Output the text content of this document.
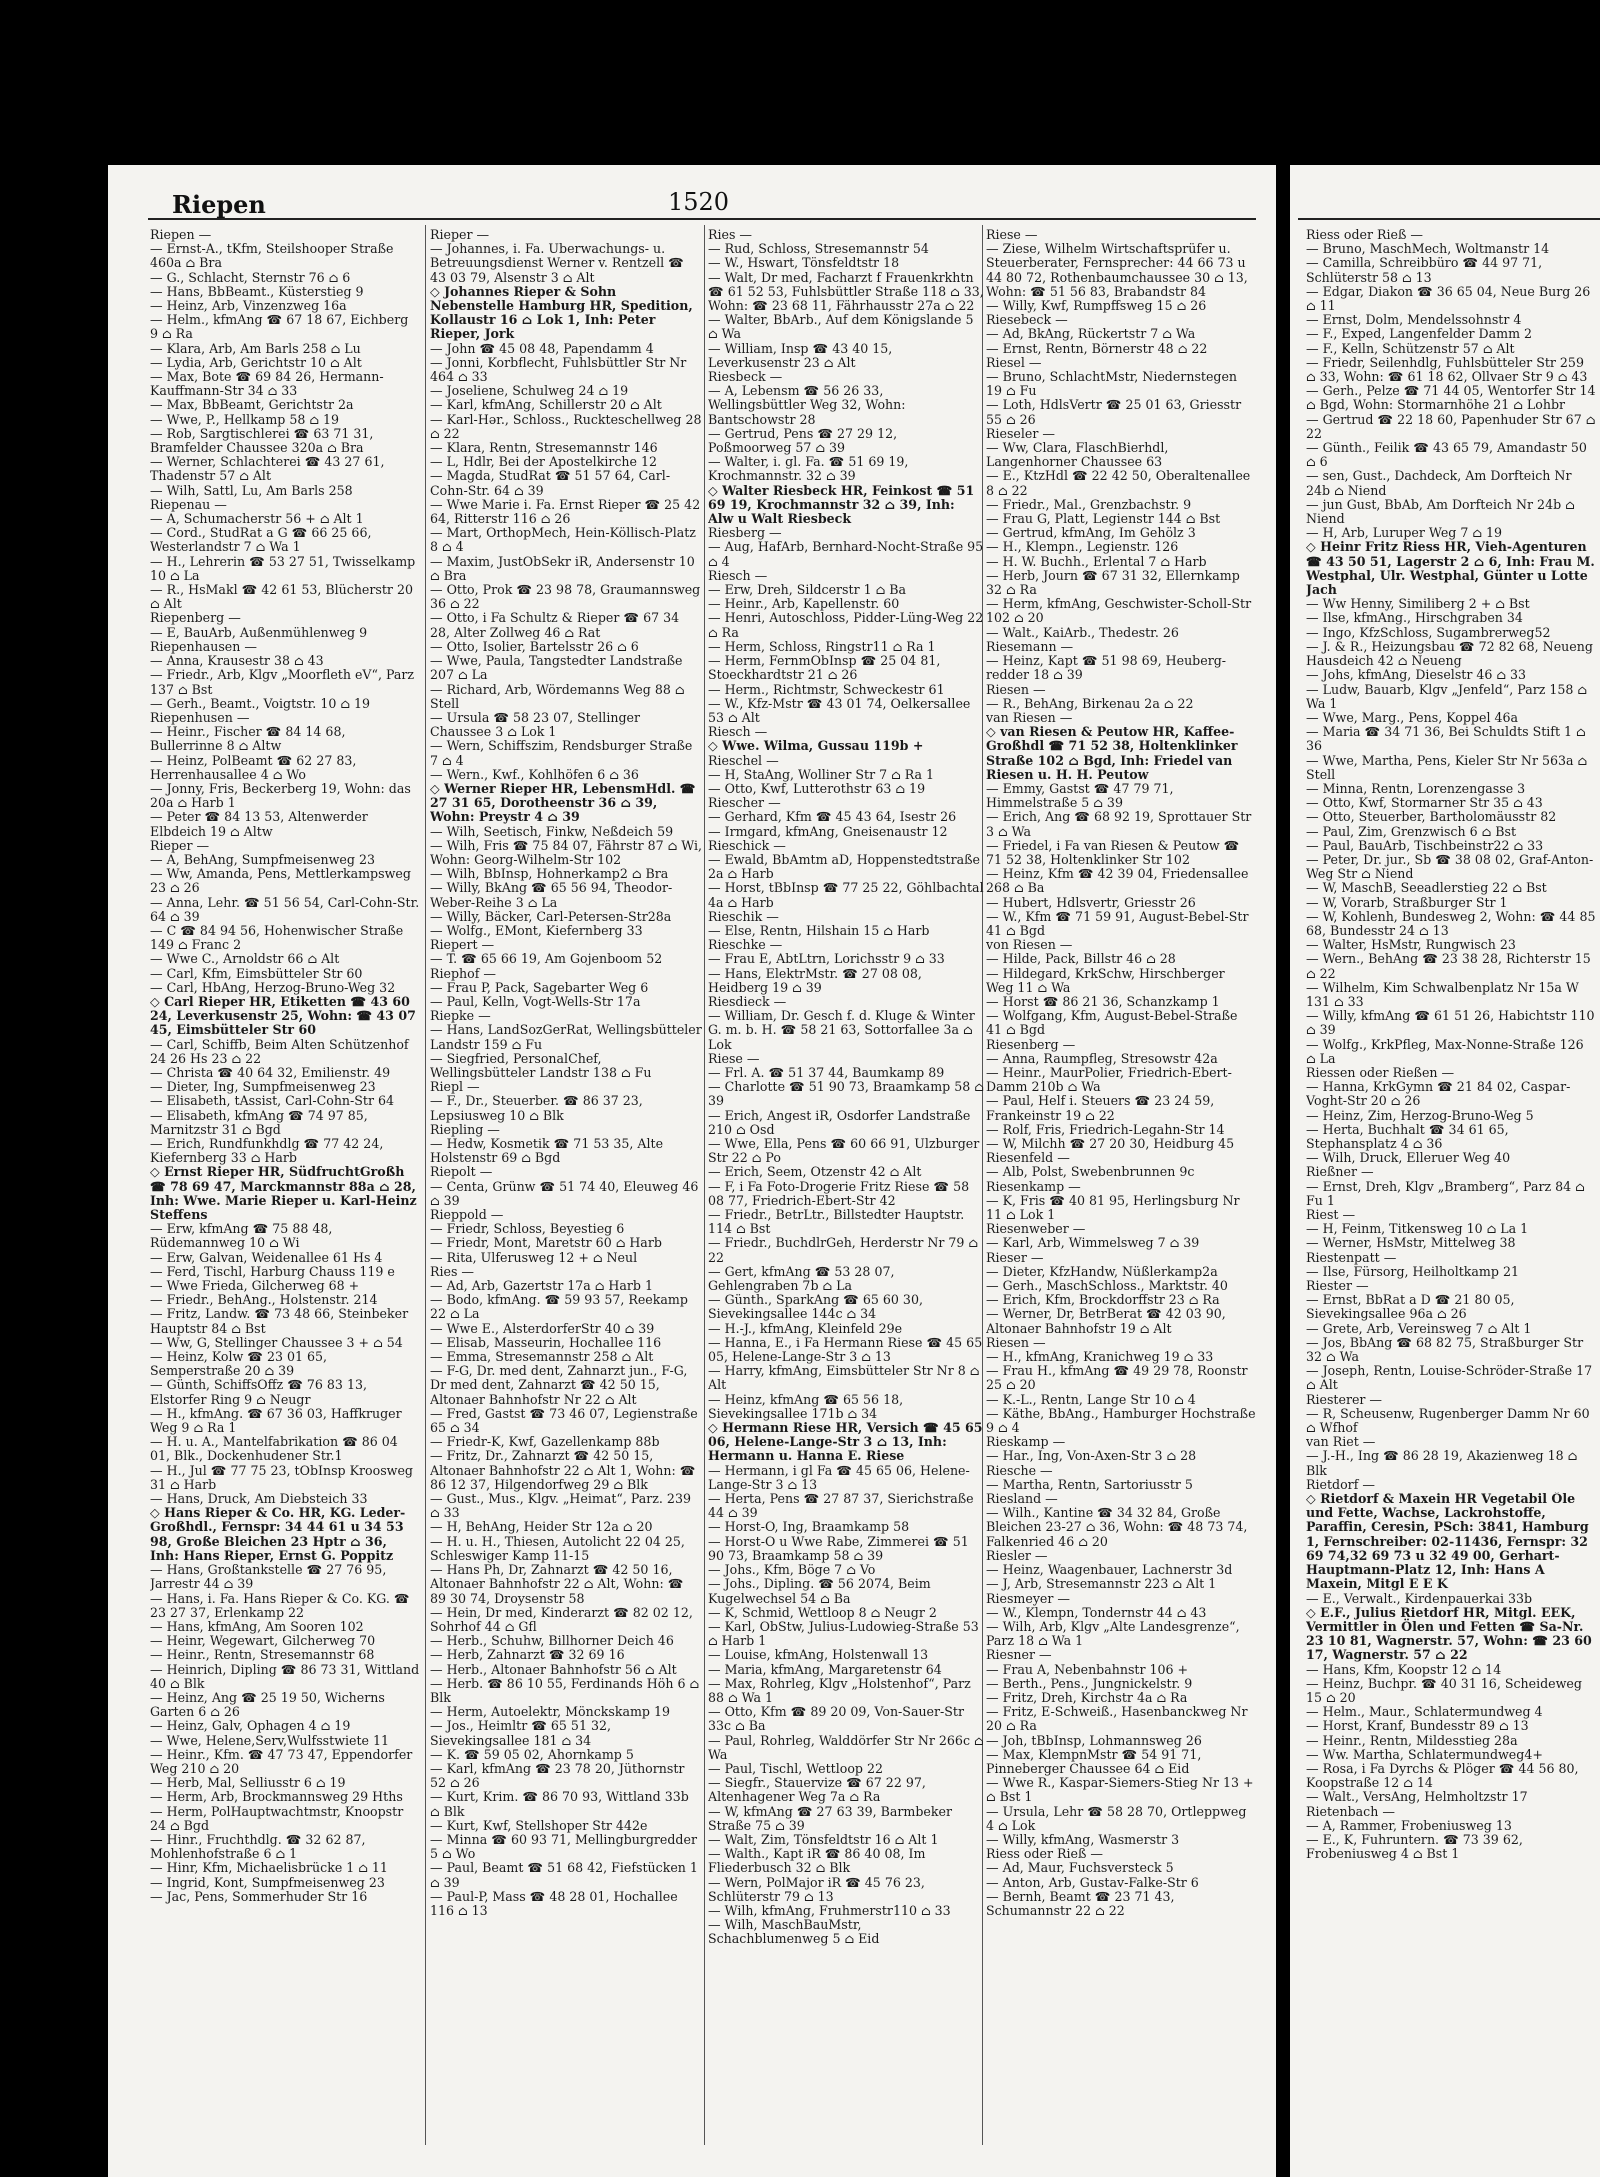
Riepen	1520
Riepen —
— Ernst-A., tKfm, Steilshooper Straße 460a ⌂ Bra
— G., Schlacht, Sternstr 76 ⌂ 6
— Hans, BbBeamt., Küsterstieg 9
— Heinz, Arb, Vinzenzweg 16a
— Helm., kfmAng ☎ 67 18 67, Eichberg 9 ⌂ Ra
— Klara, Arb, Am Barls 258 ⌂ Lu
— Lydia, Arb, Gerichtstr 10 ⌂ Alt
— Max, Bote ☎ 69 84 26, Hermann-Kauffmann-Str 34 ⌂ 33
— Max, BbBeamt, Gerichtstr 2a
— Wwe, P., Hellkamp 58 ⌂ 19
— Rob, Sargtischlerei ☎ 63 71 31, Bramfelder Chaussee 320a ⌂ Bra
— Werner, Schlachterei ☎ 43 27 61, Thadenstr 57 ⌂ Alt
— Wilh, Sattl, Lu, Am Barls 258
Riepenau —
— A, Schumacherstr 56 + ⌂ Alt 1
— Cord., StudRat a G ☎ 66 25 66, Westerlandstr 7 ⌂ Wa 1
— H., Lehrerin ☎ 53 27 51, Twisselkamp 10 ⌂ La
— R., HsMakl ☎ 42 61 53, Blücherstr 20 ⌂ Alt
Riepenberg —
— E, BauArb, Außenmühlenweg 9
Riepenhausen —
— Anna, Krausestr 38 ⌂ 43
— Friedr., Arb, Klgv „Moorfleth eV“, Parz 137 ⌂ Bst
— Gerh., Beamt., Voigtstr. 10 ⌂ 19
Riepenhusen —
— Heinr., Fischer ☎ 84 14 68, Bullerrinne 8 ⌂ Altw
— Heinz, PolBeamt ☎ 62 27 83, Herrenhausallee 4 ⌂ Wo
— Jonny, Fris, Beckerberg 19, Wohn: das 20a ⌂ Harb 1
— Peter ☎ 84 13 53, Altenwerder Elbdeich 19 ⌂ Altw
Rieper —
— A, BehAng, Sumpfmeisenweg 23
— Ww, Amanda, Pens, Mettlerkampsweg 23 ⌂ 26
— Anna, Lehr. ☎ 51 56 54, Carl-Cohn-Str. 64 ⌂ 39
— C ☎ 84 94 56, Hohenwischer Straße 149 ⌂ Franc 2
— Wwe C., Arnoldstr 66 ⌂ Alt
— Carl, Kfm, Eimsbütteler Str 60
— Carl, HbAng, Herzog-Bruno-Weg 32
◇ Carl Rieper HR, Etiketten ☎ 43 60 24, Leverkusenstr 25, Wohn: ☎ 43 07 45, Eimsbütteler Str 60
— Carl, Schiffb, Beim Alten Schützenhof 24 26 Hs 23 ⌂ 22
— Christa ☎ 40 64 32, Emilienstr. 49
— Dieter, Ing, Sumpfmeisenweg 23
— Elisabeth, tAssist, Carl-Cohn-Str 64
— Elisabeth, kfmAng ☎ 74 97 85, Marnitzstr 31 ⌂ Bgd
— Erich, Rundfunkhdlg ☎ 77 42 24, Kiefernberg 33 ⌂ Harb
◇ Ernst Rieper HR, SüdfruchtGroßh ☎ 78 69 47, Marckmannstr 88a ⌂ 28, Inh: Wwe. Marie Rieper u. Karl-Heinz Steffens
— Erw, kfmAng ☎ 75 88 48, Rüdemannweg 10 ⌂ Wi
— Erw, Galvan, Weidenallee 61 Hs 4
— Ferd, Tischl, Harburg Chauss 119 e
— Wwe Frieda, Gilcherweg 68 +
— Friedr., BehAng., Holstenstr. 214
— Fritz, Landw. ☎ 73 48 66, Steinbeker Hauptstr 84 ⌂ Bst
— Ww, G, Stellinger Chaussee 3 + ⌂ 54
— Heinz, Kolw ☎ 23 01 65, Semperstraße 20 ⌂ 39
— Günth, SchiffsOffz ☎ 76 83 13, Elstorfer Ring 9 ⌂ Neugr
— H., kfmAng. ☎ 67 36 03, Haffkruger Weg 9 ⌂ Ra 1
— H. u. A., Mantelfabrikation ☎ 86 04 01, Blk., Dockenhudener Str.1
— H., Jul ☎ 77 75 23, tObInsp Kroosweg 31 ⌂ Harb
— Hans, Druck, Am Diebsteich 33
◇ Hans Rieper & Co. HR, KG. Leder-Großhdl., Fernspr: 34 44 61 u 34 53 98, Große Bleichen 23 Hptr ⌂ 36, Inh: Hans Rieper, Ernst G. Poppitz
— Hans, Großtankstelle ☎ 27 76 95, Jarrestr 44 ⌂ 39
— Hans, i. Fa. Hans Rieper & Co. KG. ☎ 23 27 37, Erlenkamp 22
— Hans, kfmAng, Am Sooren 102
— Heinr, Wegewart, Gilcherweg 70
— Heinr., Rentn, Stresemannstr 68
— Heinrich, Dipling ☎ 86 73 31, Wittland 40 ⌂ Blk
— Heinz, Ang ☎ 25 19 50, Wicherns Garten 6 ⌂ 26
— Heinz, Galv, Ophagen 4 ⌂ 19
— Wwe, Helene,Serv,Wulfsstwiete 11
— Heinr., Kfm. ☎ 47 73 47, Eppendorfer Weg 210 ⌂ 20
— Herb, Mal, Selliusstr 6 ⌂ 19
— Herm, Arb, Brockmannsweg 29 Hths
— Herm, PolHauptwachtmstr, Knoopstr 24 ⌂ Bgd
— Hinr., Fruchthdlg. ☎ 32 62 87, Mohlenhofstraße 6 ⌂ 1
— Hinr, Kfm, Michaelisbrücke 1 ⌂ 11
— Ingrid, Kont, Sumpfmeisenweg 23
— Jac, Pens, Sommerhuder Str 16
Rieper —
— Johannes, i. Fa. Überwachungs- u. Betreuungsdienst Werner v. Rentzell ☎ 43 03 79, Alsenstr 3 ⌂ Alt
◇ Johannes Rieper & Sohn Nebenstelle Hamburg HR, Spedition, Kollaustr 16 ⌂ Lok 1, Inh: Peter Rieper, Jork
— John ☎ 45 08 48, Papendamm 4
— Jonni, Korbflecht, Fuhlsbüttler Str Nr 464 ⌂ 33
— Joseliene, Schulweg 24 ⌂ 19
— Karl, kfmAng, Schillerstr 20 ⌂ Alt
— Karl-Hər., Schloss., Ruckteschellweg 28 ⌂ 22
— Klara, Rentn, Stresemannstr 146
— L, Hdlr, Bei der Apostelkirche 12
— Magda, StudRat ☎ 51 57 64, Carl-Cohn-Str. 64 ⌂ 39
— Wwe Marie i. Fa. Ernst Rieper ☎ 25 42 64, Ritterstr 116 ⌂ 26
— Mart, OrthopMech, Hein-Köllisch-Platz 8 ⌂ 4
— Maxim, JustObSekr iR, Andersenstr 10 ⌂ Bra
— Otto, Prok ☎ 23 98 78, Graumannsweg 36 ⌂ 22
— Otto, i Fa Schultz & Rieper ☎ 67 34 28, Alter Zollweg 46 ⌂ Rat
— Otto, Isolier, Bartelsstr 26 ⌂ 6
— Wwe, Paula, Tangstedter Landstraße 207 ⌂ La
— Richard, Arb, Wördemanns Weg 88 ⌂ Stell
— Ursula ☎ 58 23 07, Stellinger Chaussee 3 ⌂ Lok 1
— Wern, Schiffszim, Rendsburger Straße 7 ⌂ 4
— Wern., Kwf., Kohlhöfen 6 ⌂ 36
◇ Werner Rieper HR, LebensmHdl. ☎ 27 31 65, Dorotheenstr 36 ⌂ 39, Wohn: Preystr 4 ⌂ 39
— Wilh, Seetisch, Finkw, Neßdeich 59
— Wilh, Fris ☎ 75 84 07, Fährstr 87 ⌂ Wi, Wohn: Georg-Wilhelm-Str 102
— Wilh, BbInsp, Hohnerkamp2 ⌂ Bra
— Willy, BkAng ☎ 65 56 94, Theodor-Weber-Reihe 3 ⌂ La
— Willy, Bäcker, Carl-Petersen-Str28a
— Wolfg., EMont, Kiefernberg 33
Riepert —
— T. ☎ 65 66 19, Am Gojenboom 52
Riephof —
— Frau P, Pack, Sagebarter Weg 6
— Paul, Kelln, Vogt-Wells-Str 17a
Riepke —
— Hans, LandSozGerRat, Wellingsbütteler Landstr 159 ⌂ Fu
— Siegfried, PersonalChef, Wellingsbütteler Landstr 138 ⌂ Fu
Riepl —
— F., Dr., Steuerber. ☎ 86 37 23, Lepsiusweg 10 ⌂ Blk
Riepling —
— Hedw, Kosmetik ☎ 71 53 35, Alte Holstenstr 69 ⌂ Bgd
Riepolt —
— Centa, Grünw ☎ 51 74 40, Eleuweg 46 ⌂ 39
Rieppold —
— Friedr, Schloss, Beyestieg 6
— Friedr, Mont, Maretstr 60 ⌂ Harb
— Rita, Ulferusweg 12 + ⌂ Neul
Ries —
— Ad, Arb, Gazertstr 17a ⌂ Harb 1
— Bodo, kfmAng. ☎ 59 93 57, Reekamp 22 ⌂ La
— Wwe E., AlsterdorferStr 40 ⌂ 39
— Elisab, Masseurin, Hochallee 116
— Emma, Stresemannstr 258 ⌂ Alt
— F-G, Dr. med dent, Zahnarzt jun., F-G, Dr med dent, Zahnarzt ☎ 42 50 15, Altonaer Bahnhofstr Nr 22 ⌂ Alt
— Fred, Gastst ☎ 73 46 07, Legienstraße 65 ⌂ 34
— Friedr-K, Kwf, Gazellenkamp 88b
— Fritz, Dr., Zahnarzt ☎ 42 50 15, Altonaer Bahnhofstr 22 ⌂ Alt 1, Wohn: ☎ 86 12 37, Hilgendorfweg 29 ⌂ Blk
— Gust., Mus., Klgv. „Heimat“, Parz. 239 ⌂ 33
— H, BehAng, Heider Str 12a ⌂ 20
— H. u. H., Thiesen, Autolicht 22 04 25, Schleswiger Kamp 11-15
— Hans Ph, Dr, Zahnarzt ☎ 42 50 16, Altonaer Bahnhofstr 22 ⌂ Alt, Wohn: ☎ 89 30 74, Droysenstr 58
— Hein, Dr med, Kinderarzt ☎ 82 02 12, Sohrhof 44 ⌂ Gfl
— Herb., Schuhw, Billhorner Deich 46
— Herb, Zahnarzt ☎ 32 69 16
— Herb., Altonaer Bahnhofstr 56 ⌂ Alt
— Herb. ☎ 86 10 55, Ferdinands Höh 6 ⌂ Blk
— Herm, Autoelektr, Mönckskamp 19
— Jos., Heimltr ☎ 65 51 32, Sievekingsallee 181 ⌂ 34
— K. ☎ 59 05 02, Ahornkamp 5
— Karl, kfmAng ☎ 23 78 20, Jüthornstr 52 ⌂ 26
— Kurt, Krim. ☎ 86 70 93, Wittland 33b ⌂ Blk
— Kurt, Kwf, Stellshoper Str 442e
— Minna ☎ 60 93 71, Mellingburgredder 5 ⌂ Wo
— Paul, Beamt ☎ 51 68 42, Fiefstücken 1 ⌂ 39
— Paul-P, Mass ☎ 48 28 01, Hochallee 116 ⌂ 13
Ries —
— Rud, Schloss, Stresemannstr 54
— W., Hswart, Tönsfeldtstr 18
— Walt, Dr med, Facharzt f Frauenkrkhtn ☎ 61 52 53, Fuhlsbüttler Straße 118 ⌂ 33, Wohn: ☎ 23 68 11, Fährhausstr 27a ⌂ 22
— Walter, BbArb., Auf dem Königslande 5 ⌂ Wa
— William, Insp ☎ 43 40 15, Leverkusenstr 23 ⌂ Alt
Riesbeck —
— A, Lebensm ☎ 56 26 33, Wellingsbüttler Weg 32, Wohn: Bantschowstr 28
— Gertrud, Pens ☎ 27 29 12, Poßmoorweg 57 ⌂ 39
— Walter, i. gl. Fa. ☎ 51 69 19, Krochmannstr. 32 ⌂ 39
◇ Walter Riesbeck HR, Feinkost ☎ 51 69 19, Krochmannstr 32 ⌂ 39, Inh: Alw u Walt Riesbeck
Riesberg —
— Aug, HafArb, Bernhard-Nocht-Straße 95 ⌂ 4
Riesch —
— Erw, Dreh, Sildcerstr 1 ⌂ Ba
— Heinr., Arb, Kapellenstr. 60
— Henri, Autoschloss, Pidder-Lüng-Weg 22 ⌂ Ra
— Herm, Schloss, Ringstr11 ⌂ Ra 1
— Herm, FernmObInsp ☎ 25 04 81, Stoeckhardtstr 21 ⌂ 26
— Herm., Richtmstr, Schweckestr 61
— W., Kfz-Mstr ☎ 43 01 74, Oelkersallee 53 ⌂ Alt
Riesch —
◇ Wwe. Wilma, Gussau 119b +
Rieschel —
— H, StaAng, Wolliner Str 7 ⌂ Ra 1
— Otto, Kwf, Lutterothstr 63 ⌂ 19
Riescher —
— Gerhard, Kfm ☎ 45 43 64, Isestr 26
— Irmgard, kfmAng, Gneisenaustr 12
Rieschick —
— Ewald, BbAmtm aD, Hoppenstedtstraße 2a ⌂ Harb
— Horst, tBbInsp ☎ 77 25 22, Göhlbachtal 4a ⌂ Harb
Rieschik —
— Else, Rentn, Hilshain 15 ⌂ Harb
Rieschke —
— Frau E, AbtLtrn, Lorichsstr 9 ⌂ 33
— Hans, ElektrMstr. ☎ 27 08 08, Heidberg 19 ⌂ 39
Riesdieck —
— William, Dr. Gesch f. d. Kluge & Winter G. m. b. H. ☎ 58 21 63, Sottorfallee 3a ⌂ Lok
Riese —
— Frl. A. ☎ 51 37 44, Baumkamp 89
— Charlotte ☎ 51 90 73, Braamkamp 58 ⌂ 39
— Erich, Angest iR, Osdorfer Landstraße 210 ⌂ Osd
— Wwe, Ella, Pens ☎ 60 66 91, Ulzburger Str 22 ⌂ Po
— Erich, Seem, Otzenstr 42 ⌂ Alt
— F, i Fa Foto-Drogerie Fritz Riese ☎ 58 08 77, Friedrich-Ebert-Str 42
— Friedr., BetrLtr., Billstedter Hauptstr. 114 ⌂ Bst
— Friedr., BuchdlrGeh, Herderstr Nr 79 ⌂ 22
— Gert, kfmAng ☎ 53 28 07, Gehlengraben 7b ⌂ La
— Günth., SparkAng ☎ 65 60 30, Sievekingsallee 144c ⌂ 34
— H.-J., kfmAng, Kleinfeld 29e
— Hanna, E., i Fa Hermann Riese ☎ 45 65 05, Helene-Lange-Str 3 ⌂ 13
— Harry, kfmAng, Eimsbütteler Str Nr 8 ⌂ Alt
— Heinz, kfmAng ☎ 65 56 18, Sievekingsallee 171b ⌂ 34
◇ Hermann Riese HR, Versich ☎ 45 65 06, Helene-Lange-Str 3 ⌂ 13, Inh: Hermann u. Hanna E. Riese
— Hermann, i gl Fa ☎ 45 65 06, Helene-Lange-Str 3 ⌂ 13
— Herta, Pens ☎ 27 87 37, Sierichstraße 44 ⌂ 39
— Horst-O, Ing, Braamkamp 58
— Horst-O u Wwe Rabe, Zimmerei ☎ 51 90 73, Braamkamp 58 ⌂ 39
— Johs., Kfm, Böge 7 ⌂ Vo
— Johs., Dipling. ☎ 56 2074, Beim Kugelwechsel 54 ⌂ Ba
— K, Schmid, Wettloop 8 ⌂ Neugr 2
— Karl, ObStw, Julius-Ludowieg-Straße 53 ⌂ Harb 1
— Louise, kfmAng, Holstenwall 13
— Maria, kfmAng, Margaretenstr 64
— Max, Rohrleg, Klgv „Holstenhof“, Parz 88 ⌂ Wa 1
— Otto, Kfm ☎ 89 20 09, Von-Sauer-Str 33c ⌂ Ba
— Paul, Rohrleg, Walddörfer Str Nr 266c ⌂ Wa
— Paul, Tischl, Wettloop 22
— Siegfr., Stauervize ☎ 67 22 97, Altenhagener Weg 7a ⌂ Ra
— W, kfmAng ☎ 27 63 39, Barmbeker Straße 75 ⌂ 39
— Walt, Zim, Tönsfeldtstr 16 ⌂ Alt 1
— Walth., Kapt iR ☎ 86 40 08, Im Fliederbusch 32 ⌂ Blk
— Wern, PolMajor iR ☎ 45 76 23, Schlüterstr 79 ⌂ 13
— Wilh, kfmAng, Fruhmerstr110 ⌂ 33
— Wilh, MaschBauMstr, Schachblumenweg 5 ⌂ Eid
Riese —
— Ziese, Wilhelm Wirtschaftsprüfer u. Steuerberater, Fernsprecher: 44 66 73 u 44 80 72, Rothenbaumchaussee 30 ⌂ 13, Wohn: ☎ 51 56 83, Brabandstr 84
— Willy, Kwf, Rumpffsweg 15 ⌂ 26
Riesebeck —
— Ad, BkAng, Rückertstr 7 ⌂ Wa
— Ernst, Rentn, Börnerstr 48 ⌂ 22
Riesel —
— Bruno, SchlachtMstr, Niedernstegen 19 ⌂ Fu
— Loth, HdlsVertr ☎ 25 01 63, Griesstr 55 ⌂ 26
Rieseler —
— Ww, Clara, FlaschBierhdl, Langenhorner Chaussee 63
— E., KtzHdl ☎ 22 42 50, Oberaltenallee 8 ⌂ 22
— Friedr., Mal., Grenzbachstr. 9
— Frau G, Platt, Legienstr 144 ⌂ Bst
— Gertrud, kfmAng, Im Gehölz 3
— H., Klempn., Legienstr. 126
— H. W. Buchh., Erlental 7 ⌂ Harb
— Herb, Journ ☎ 67 31 32, Ellernkamp 32 ⌂ Ra
— Herm, kfmAng, Geschwister-Scholl-Str 102 ⌂ 20
— Walt., KaiArb., Thedestr. 26
Riesemann —
— Heinz, Kapt ☎ 51 98 69, Heuberg-redder 18 ⌂ 39
Riesen —
— R., BehAng, Birkenau 2a ⌂ 22
van Riesen —
◇ van Riesen & Peutow HR, Kaffee-Großhdl ☎ 71 52 38, Holtenklinker Straße 102 ⌂ Bgd, Inh: Friedel van Riesen u. H. H. Peutow
— Emmy, Gastst ☎ 47 79 71, Himmelstraße 5 ⌂ 39
— Erich, Ang ☎ 68 92 19, Sprottauer Str 3 ⌂ Wa
— Friedel, i Fa van Riesen & Peutow ☎ 71 52 38, Holtenklinker Str 102
— Heinz, Kfm ☎ 42 39 04, Friedensallee 268 ⌂ Ba
— Hubert, Hdlsvertr, Griesstr 26
— W., Kfm ☎ 71 59 91, August-Bebel-Str 41 ⌂ Bgd
von Riesen —
— Hilde, Pack, Billstr 46 ⌂ 28
— Hildegard, KrkSchw, Hirschberger Weg 11 ⌂ Wa
— Horst ☎ 86 21 36, Schanzkamp 1
— Wolfgang, Kfm, August-Bebel-Straße 41 ⌂ Bgd
Riesenberg —
— Anna, Raumpfleg, Stresowstr 42a
— Heinr., MaurPolier, Friedrich-Ebert-Damm 210b ⌂ Wa
— Paul, Helf i. Steuers ☎ 23 24 59, Frankeinstr 19 ⌂ 22
— Rolf, Fris, Friedrich-Legahn-Str 14
— W, Milchh ☎ 27 20 30, Heidburg 45
Riesenfeld —
— Alb, Polst, Swebenbrunnen 9c
Riesenkamp —
— K, Fris ☎ 40 81 95, Herlingsburg Nr 11 ⌂ Lok 1
Riesenweber —
— Karl, Arb, Wimmelsweg 7 ⌂ 39
Rieser —
— Dieter, KfzHandw, Nüßlerkamp2a
— Gerh., MaschSchloss., Marktstr. 40
— Erich, Kfm, Brockdorffstr 23 ⌂ Ra
— Werner, Dr, BetrBerat ☎ 42 03 90, Altonaer Bahnhofstr 19 ⌂ Alt
Riesen —
— H., kfmAng, Kranichweg 19 ⌂ 33
— Frau H., kfmAng ☎ 49 29 78, Roonstr 25 ⌂ 20
— K.-L., Rentn, Lange Str 10 ⌂ 4
— Käthe, BbAng., Hamburger Hochstraße 9 ⌂ 4
Rieskamp —
— Har., Ing, Von-Axen-Str 3 ⌂ 28
Riesche —
— Martha, Rentn, Sartoriusstr 5
Riesland —
— Wilh., Kantine ☎ 34 32 84, Große Bleichen 23-27 ⌂ 36, Wohn: ☎ 48 73 74, Falkenried 46 ⌂ 20
Riesler —
— Heinz, Waagenbauer, Lachnerstr 3d
— J, Arb, Stresemannstr 223 ⌂ Alt 1
Riesmeyer —
— W., Klempn, Tondernstr 44 ⌂ 43
— Wilh, Arb, Klgv „Alte Landesgrenze“, Parz 18 ⌂ Wa 1
Riesner —
— Frau A, Nebenbahnstr 106 +
— Berth., Pens., Jungnickelstr. 9
— Fritz, Dreh, Kirchstr 4a ⌂ Ra
— Fritz, E-Schweiß., Hasenbanckweg Nr 20 ⌂ Ra
— Joh, tBbInsp, Lohmannsweg 26
— Max, KlempnMstr ☎ 54 91 71, Pinneberger Chaussee 64 ⌂ Eid
— Wwe R., Kaspar-Siemers-Stieg Nr 13 + ⌂ Bst 1
— Ursula, Lehr ☎ 58 28 70, Ortleppweg 4 ⌂ Lok
— Willy, kfmAng, Wasmerstr 3
Riess oder Rieß —
— Ad, Maur, Fuchsversteck 5
— Anton, Arb, Gustav-Falke-Str 6
— Bernh, Beamt ☎ 23 71 43, Schumannstr 22 ⌂ 22
Riess oder Rieß —
— Bruno, MaschMech, Woltmanstr 14
— Camilla, Schreibbüro ☎ 44 97 71, Schlüterstr 58 ⌂ 13
— Edgar, Diakon ☎ 36 65 04, Neue Burg 26 ⌂ 11
— Ernst, Dolm, Mendelssohnstr 4
— F., Exped, Langenfelder Damm 2
— F., Kelln, Schützenstr 57 ⌂ Alt
— Friedr, Seilenhdlg, Fuhlsbütteler Str 259 ⌂ 33, Wohn: ☎ 61 18 62, Ollvaer Str 9 ⌂ 43
— Gerh., Pelze ☎ 71 44 05, Wentorfer Str 14 ⌂ Bgd, Wohn: Stormarnhöhe 21 ⌂ Lohbr
— Gertrud ☎ 22 18 60, Papenhuder Str 67 ⌂ 22
— Günth., Feilik ☎ 43 65 79, Amandastr 50 ⌂ 6
— sen, Gust., Dachdeck, Am Dorfteich Nr 24b ⌂ Niend
— jun Gust, BbAb, Am Dorfteich Nr 24b ⌂ Niend
— H, Arb, Luruper Weg 7 ⌂ 19
◇ Heinr Fritz Riess HR, Vieh-Agenturen ☎ 43 50 51, Lagerstr 2 ⌂ 6, Inh: Frau M. Westphal, Ulr. Westphal, Günter u Lotte Jach
— Ww Henny, Similiberg 2 + ⌂ Bst
— Ilse, kfmAng., Hirschgraben 34
— Ingo, KfzSchloss, Sugambrerweg52
— J. & R., Heizungsbau ☎ 72 82 68, Neueng Hausdeich 42 ⌂ Neueng
— Johs, kfmAng, Dieselstr 46 ⌂ 33
— Ludw, Bauarb, Klgv „Jenfeld“, Parz 158 ⌂ Wa 1
— Wwe, Marg., Pens, Koppel 46a
— Maria ☎ 34 71 36, Bei Schuldts Stift 1 ⌂ 36
— Wwe, Martha, Pens, Kieler Str Nr 563a ⌂ Stell
— Minna, Rentn, Lorenzengasse 3
— Otto, Kwf, Stormarner Str 35 ⌂ 43
— Otto, Steuerber, Bartholomäusstr 82
— Paul, Zim, Grenzwisch 6 ⌂ Bst
— Paul, BauArb, Tischbeinstr22 ⌂ 33
— Peter, Dr. jur., Sb ☎ 38 08 02, Graf-Anton-Weg Str ⌂ Niend
— W, MaschB, Seeadlerstieg 22 ⌂ Bst
— W, Vorarb, Straßburger Str 1
— W, Kohlenh, Bundesweg 2, Wohn: ☎ 44 85 68, Bundesstr 24 ⌂ 13
— Walter, HsMstr, Rungwisch 23
— Wern., BehAng ☎ 23 38 28, Richterstr 15 ⌂ 22
— Wilhelm, Kim Schwalbenplatz Nr 15a W 131 ⌂ 33
— Willy, kfmAng ☎ 61 51 26, Habichtstr 110 ⌂ 39
— Wolfg., KrkPfleg, Max-Nonne-Straße 126 ⌂ La
Riessen oder Rießen —
— Hanna, KrkGymn ☎ 21 84 02, Caspar-Voght-Str 20 ⌂ 26
— Heinz, Zim, Herzog-Bruno-Weg 5
— Herta, Buchhalt ☎ 34 61 65, Stephansplatz 4 ⌂ 36
— Wilh, Druck, Elleruer Weg 40
Rießner —
— Ernst, Dreh, Klgv „Bramberg“, Parz 84 ⌂ Fu 1
Riest —
— H, Feinm, Titkensweg 10 ⌂ La 1
— Werner, HsMstr, Mittelweg 38
Riestenpatt —
— Ilse, Fürsorg, Heilholtkamp 21
Riester —
— Ernst, BbRat a D ☎ 21 80 05, Sievekingsallee 96a ⌂ 26
— Grete, Arb, Vereinsweg 7 ⌂ Alt 1
— Jos, BbAng ☎ 68 82 75, Straßburger Str 32 ⌂ Wa
— Joseph, Rentn, Louise-Schröder-Straße 17 ⌂ Alt
Riesterer —
— R, Scheusenw, Rugenberger Damm Nr 60 ⌂ Wfhof
van Riet —
— J.-H., Ing ☎ 86 28 19, Akazienweg 18 ⌂ Blk
Rietdorf —
◇ Rietdorf & Maxein HR Vegetabil Öle und Fette, Wachse, Lackrohstoffe, Paraffin, Ceresin, PSch: 3841, Hamburg 1, Fernschreiber: 02-11436, Fernspr: 32 69 74,32 69 73 u 32 49 00, Gerhart-Hauptmann-Platz 12, Inh: Hans A Maxein, Mitgl E E K
— E., Verwalt., Kirdenpauerkai 33b
◇ E.F., Julius Rietdorf HR, Mitgl. EEK, Vermittler in Ölen und Fetten ☎ Sa-Nr. 23 10 81, Wagnerstr. 57, Wohn: ☎ 23 60 17, Wagnerstr. 57 ⌂ 22
— Hans, Kfm, Koopstr 12 ⌂ 14
— Heinz, Buchpr. ☎ 40 31 16, Scheideweg 15 ⌂ 20
— Helm., Maur., Schlatermundweg 4
— Horst, Kranf, Bundesstr 89 ⌂ 13
— Heinr., Rentn, Mildesstieg 28a
— Ww. Martha, Schlatermundweg4+
— Rosa, i Fa Dyrchs & Plöger ☎ 44 56 80, Koopstraße 12 ⌂ 14
— Walt., VersAng, Helmholtzstr 17
Rietenbach —
— A, Rammer, Frobeniusweg 13
— E., K, Fuhruntern. ☎ 73 39 62, Frobeniusweg 4 ⌂ Bst 1
